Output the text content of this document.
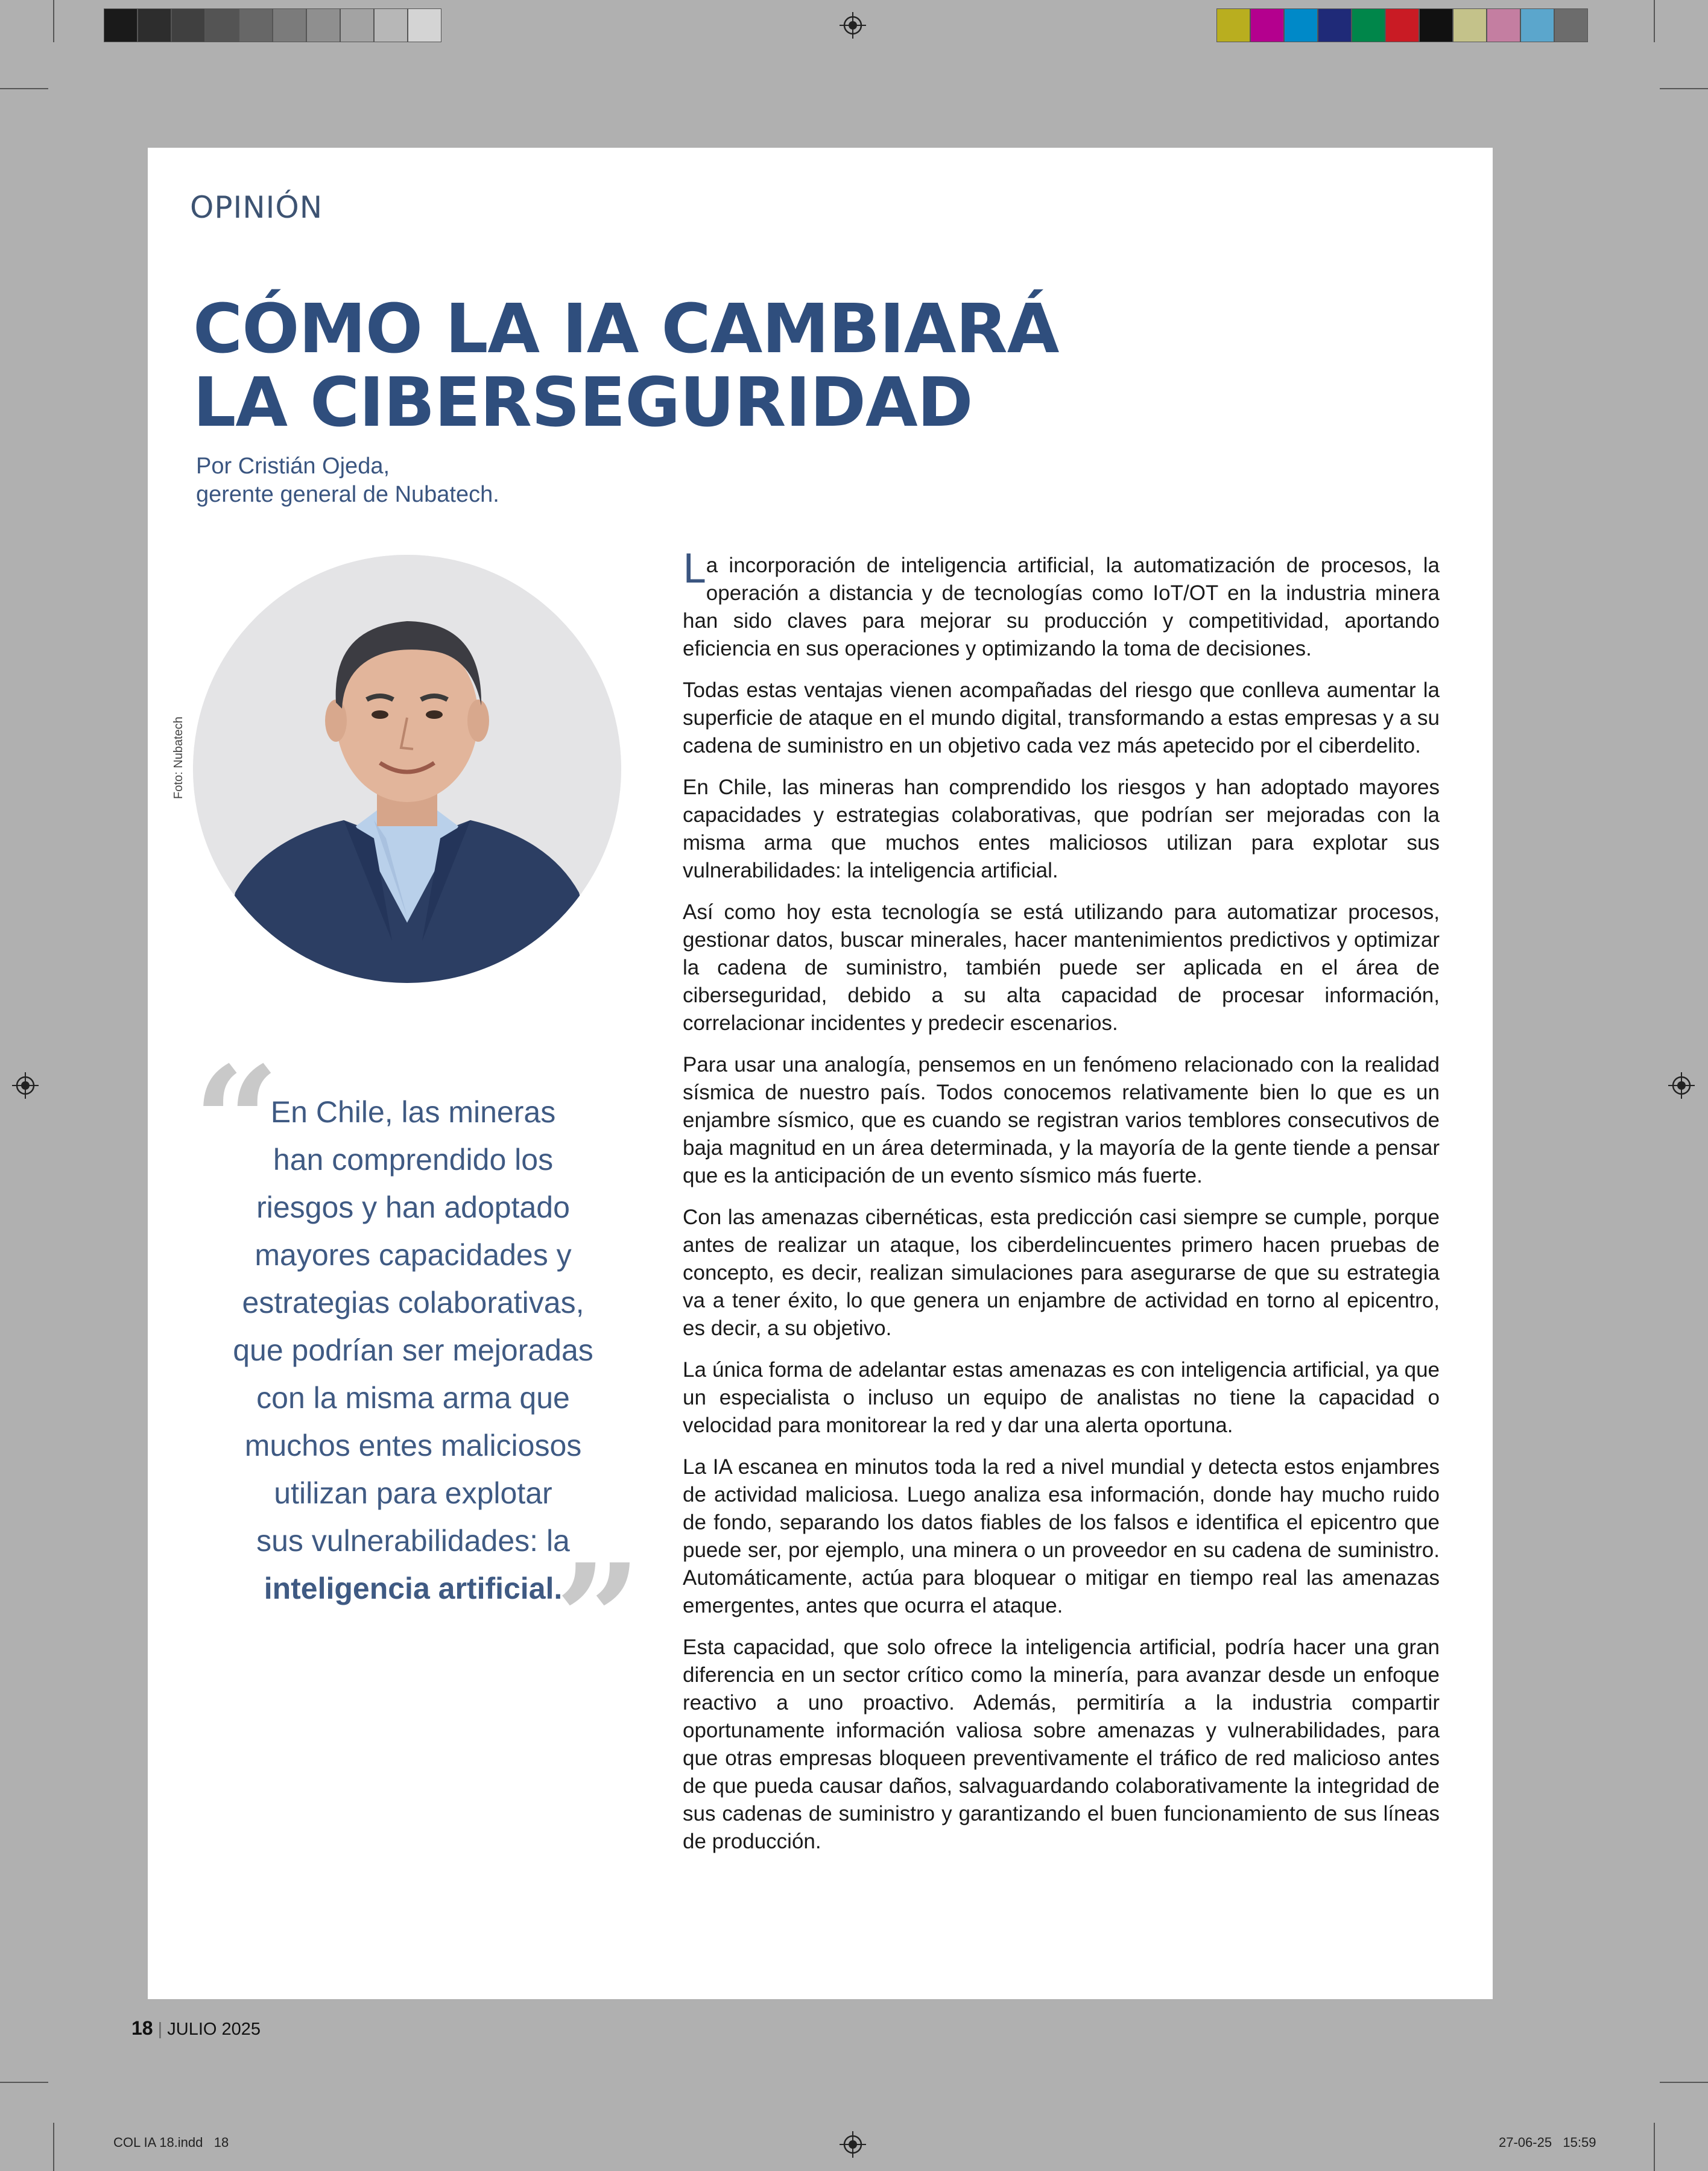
OPINIÓN
CÓMO LA IA CAMBIARÁ
LA CIBERSEGURIDAD
Por Cristián Ojeda,
gerente general de Nubatech.
Foto: Nubatech
“
En Chile, las mineras
han comprendido los
riesgos y han adoptado
mayores capacidades y
estrategias colaborativas,
que podrían ser mejoradas
con la misma arma que
muchos entes maliciosos
utilizan para explotar
sus vulnerabilidades: la
inteligencia artificial.
”

La incorporación de inteligencia artificial, la automatización de procesos, la operación a distancia y de tecnologías como IoT/OT en la industria minera han sido claves para mejorar su producción y competitividad, aportando eficiencia en sus operaciones y optimizando la toma de decisiones.

Todas estas ventajas vienen acompañadas del riesgo que conlleva aumentar la superficie de ataque en el mundo digital, transformando a estas empresas y a su cadena de suministro en un objetivo cada vez más apetecido por el ciberdelito.

En Chile, las mineras han comprendido los riesgos y han adoptado mayores capacidades y estrategias colaborativas, que podrían ser mejoradas con la misma arma que muchos entes maliciosos utilizan para explotar sus vulnerabilidades: la inteligencia artificial.

Así como hoy esta tecnología se está utilizando para automatizar procesos, gestionar datos, buscar minerales, hacer mantenimientos predictivos y optimizar la cadena de suministro, también puede ser aplicada en el área de ciberseguridad, debido a su alta capacidad de procesar información, correlacionar incidentes y predecir escenarios.

Para usar una analogía, pensemos en un fenómeno relacionado con la realidad sísmica de nuestro país. Todos conocemos relativamente bien lo que es un enjambre sísmico, que es cuando se registran varios temblores consecutivos de baja magnitud en un área determinada, y la mayoría de la gente tiende a pensar que es la anticipación de un evento sísmico más fuerte.

Con las amenazas cibernéticas, esta predicción casi siempre se cumple, porque antes de realizar un ataque, los ciberdelincuentes primero hacen pruebas de concepto, es decir, realizan simulaciones para asegurarse de que su estrategia va a tener éxito, lo que genera un enjambre de actividad en torno al epicentro, es decir, a su objetivo.

La única forma de adelantar estas amenazas es con inteligencia artificial, ya que un especialista o incluso un equipo de analistas no tiene la capacidad o velocidad para monitorear la red y dar una alerta oportuna.

La IA escanea en minutos toda la red a nivel mundial y detecta estos enjambres de actividad maliciosa. Luego analiza esa información, donde hay mucho ruido de fondo, separando los datos fiables de los falsos e identifica el epicentro que puede ser, por ejemplo, una minera o un proveedor en su cadena de suministro. Automáticamente, actúa para bloquear o mitigar en tiempo real las amenazas emergentes, antes que ocurra el ataque.

Esta capacidad, que solo ofrece la inteligencia artificial, podría hacer una gran diferencia en un sector crítico como la minería, para avanzar desde un enfoque reactivo a uno proactivo. Además, permitiría a la industria compartir oportunamente información valiosa sobre amenazas y vulnerabilidades, para que otras empresas bloqueen preventivamente el tráfico de red malicioso antes de que pueda causar daños, salvaguardando colaborativamente la integridad de sus cadenas de suministro y garantizando el buen funcionamiento de sus líneas de producción.

18 | JULIO 2025
COL IA 18.indd   18	27-06-25   15:59
